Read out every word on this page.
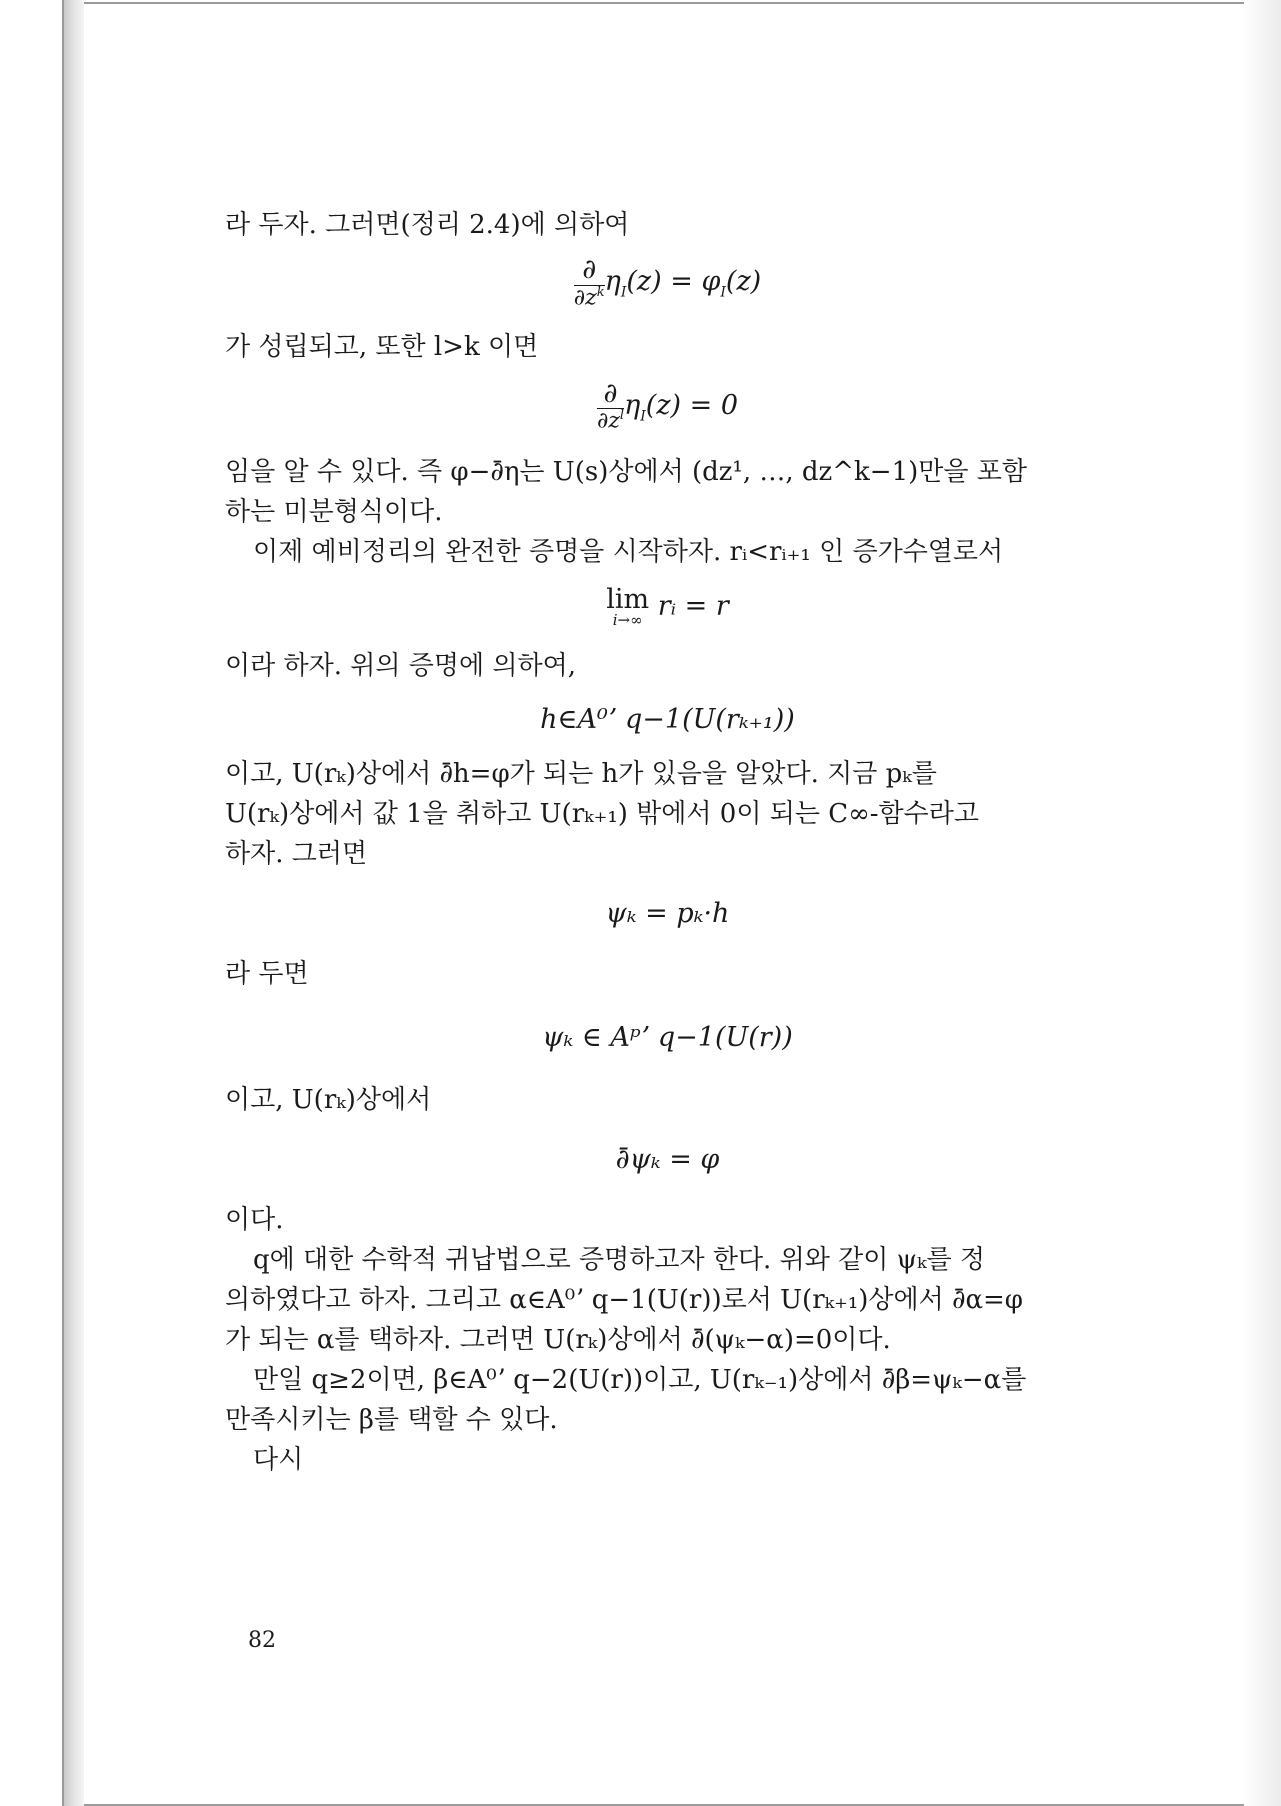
라 두자. 그러면(정리 2.4)에 의하여

$\frac{\partial}{\partial z^k} \eta_I(z) = \varphi_I(z)$

가 성립되고, 또한 l>k 이면

$\frac{\partial}{\partial z^l} \eta_I(z) = 0$

임을 알 수 있다. 즉 φ−∂̄η는 U(s)상에서 (dz¹, …, dz^k−1)만을 포함

하는 미분형식이다.

이제 예비정리의 완전한 증명을 시작하자. rᵢ<rᵢ₊₁ 인 증가수열로서

lim
i→∞ rᵢ = r

이라 하자. 위의 증명에 의하여,

h∈A⁰ʼ q−1(U(rₖ₊₁))

이고, U(rₖ)상에서 ∂̄h=φ가 되는 h가 있음을 알았다. 지금 pₖ를

U(rₖ)상에서 값 1을 취하고 U(rₖ₊₁) 밖에서 0이 되는 C∞-함수라고

하자. 그러면

ψₖ = pₖ·h

라 두면

ψₖ ∈ Aᵖʼ q−1(U(r))

이고, U(rₖ)상에서

∂̄ψₖ = φ

이다.

q에 대한 수학적 귀납법으로 증명하고자 한다. 위와 같이 ψₖ를 정

의하였다고 하자. 그리고 α∈A⁰ʼ q−1(U(r))로서 U(rₖ₊₁)상에서 ∂̄α=φ

가 되는 α를 택하자. 그러면 U(rₖ)상에서 ∂̄(ψₖ−α)=0이다.

만일 q≥2이면, β∈A⁰ʼ q−2(U(r))이고, U(rₖ₋₁)상에서 ∂̄β=ψₖ−α를

만족시키는 β를 택할 수 있다.

다시

82
